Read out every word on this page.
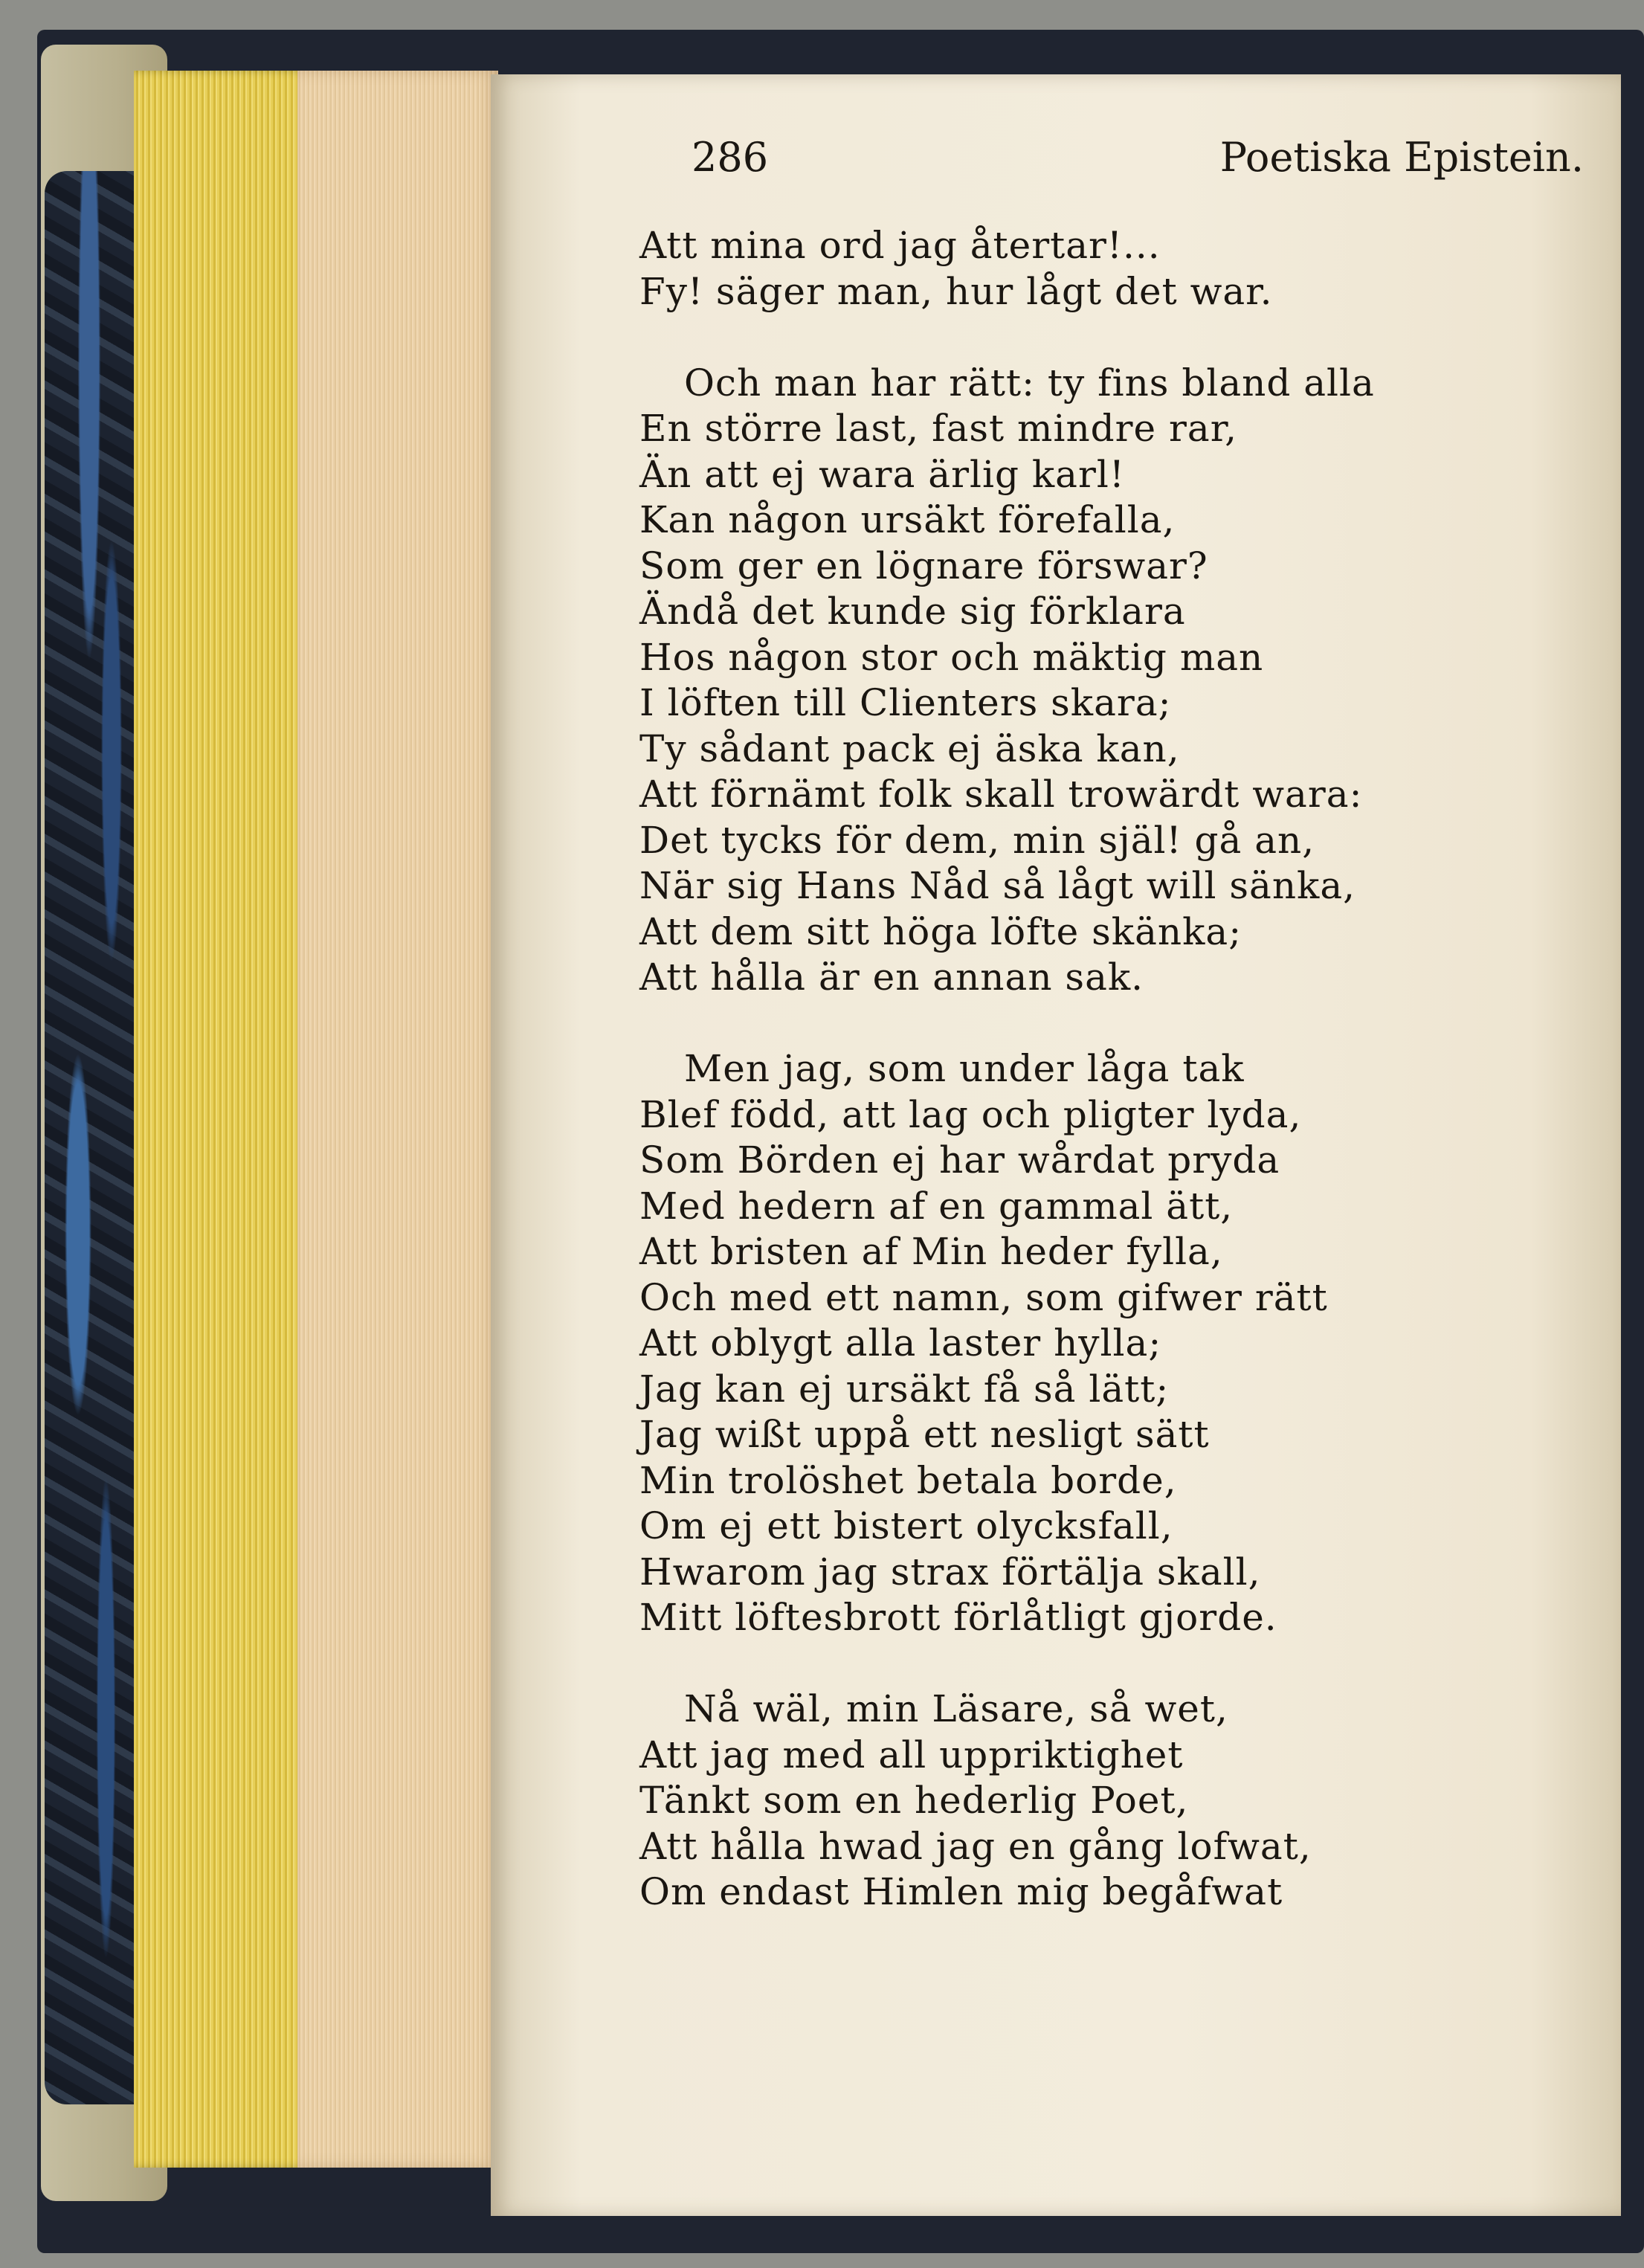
286	Poetiska Epistein.
Att mina ord jag återtar!...
Fy! säger man, hur lågt det war.
Och man har rätt: ty fins bland alla
En större last, fast mindre rar,
Än att ej wara ärlig karl!
Kan någon ursäkt förefalla,
Som ger en lögnare förswar?
Ändå det kunde sig förklara
Hos någon stor och mäktig man
I löften till Clienters skara;
Ty sådant pack ej äska kan,
Att förnämt folk skall trowärdt wara:
Det tycks för dem, min själ! gå an,
När sig Hans Nåd så lågt will sänka,
Att dem sitt höga löfte skänka;
Att hålla är en annan sak.
Men jag, som under låga tak
Blef född, att lag och pligter lyda,
Som Börden ej har wårdat pryda
Med hedern af en gammal ätt,
Att bristen af Min heder fylla,
Och med ett namn, som gifwer rätt
Att oblygt alla laster hylla;
Jag kan ej ursäkt få så lätt;
Jag wißt uppå ett nesligt sätt
Min trolöshet betala borde,
Om ej ett bistert olycksfall,
Hwarom jag strax förtälja skall,
Mitt löftesbrott förlåtligt gjorde.
Nå wäl, min Läsare, så wet,
Att jag med all uppriktighet
Tänkt som en hederlig Poet,
Att hålla hwad jag en gång lofwat,
Om endast Himlen mig begåfwat
